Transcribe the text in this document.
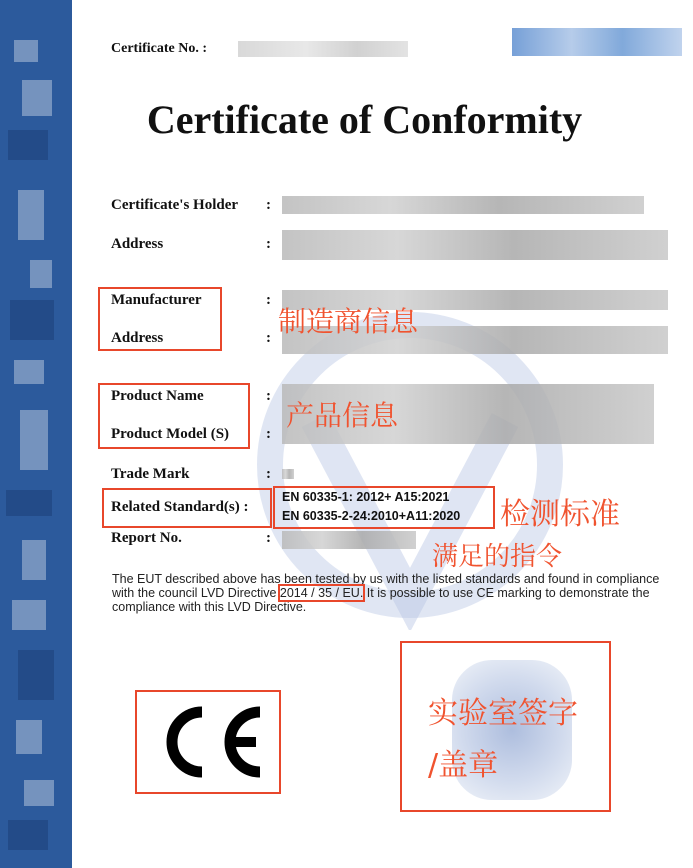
Certificate No. :
Certificate of Conformity
Certificate's Holder :
Address	:
Manufacturer	:
Address	: 制造商信息
Product Name	:
Product Model (S) :
产品信息
Trade Mark	:
Related Standard(s) :
EN 60335-1: 2012+ A15:2021
EN 60335-2-24:2010+A11:2020 检测标准
Report No.	:
满足的指令
The EUT described above has been tested by us with the listed standards and found in compliance with the council LVD Directive 2014 / 35 / EU. It is possible to use CE marking to demonstrate the compliance with this LVD Directive.
实验室签字
/盖章
